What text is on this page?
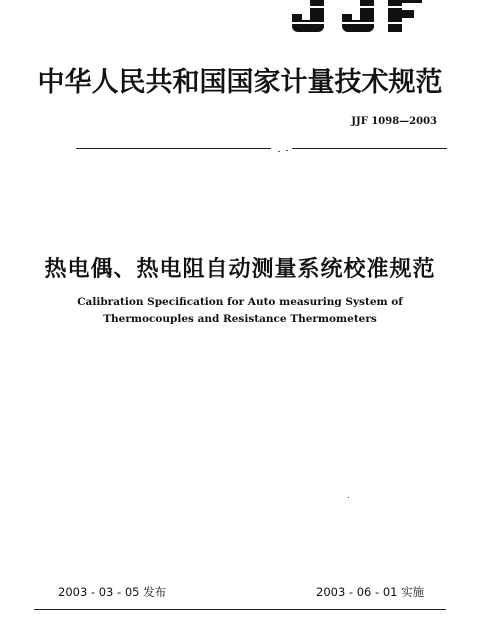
中华人民共和国国家计量技术规范
JJF 1098—2003
热电偶、热电阻自动测量系统校准规范
Calibration Specification for Auto measuring System of
Thermocouples and Resistance Thermometers
2003 - 03 - 05 发布	2003 - 06 - 01 实施
